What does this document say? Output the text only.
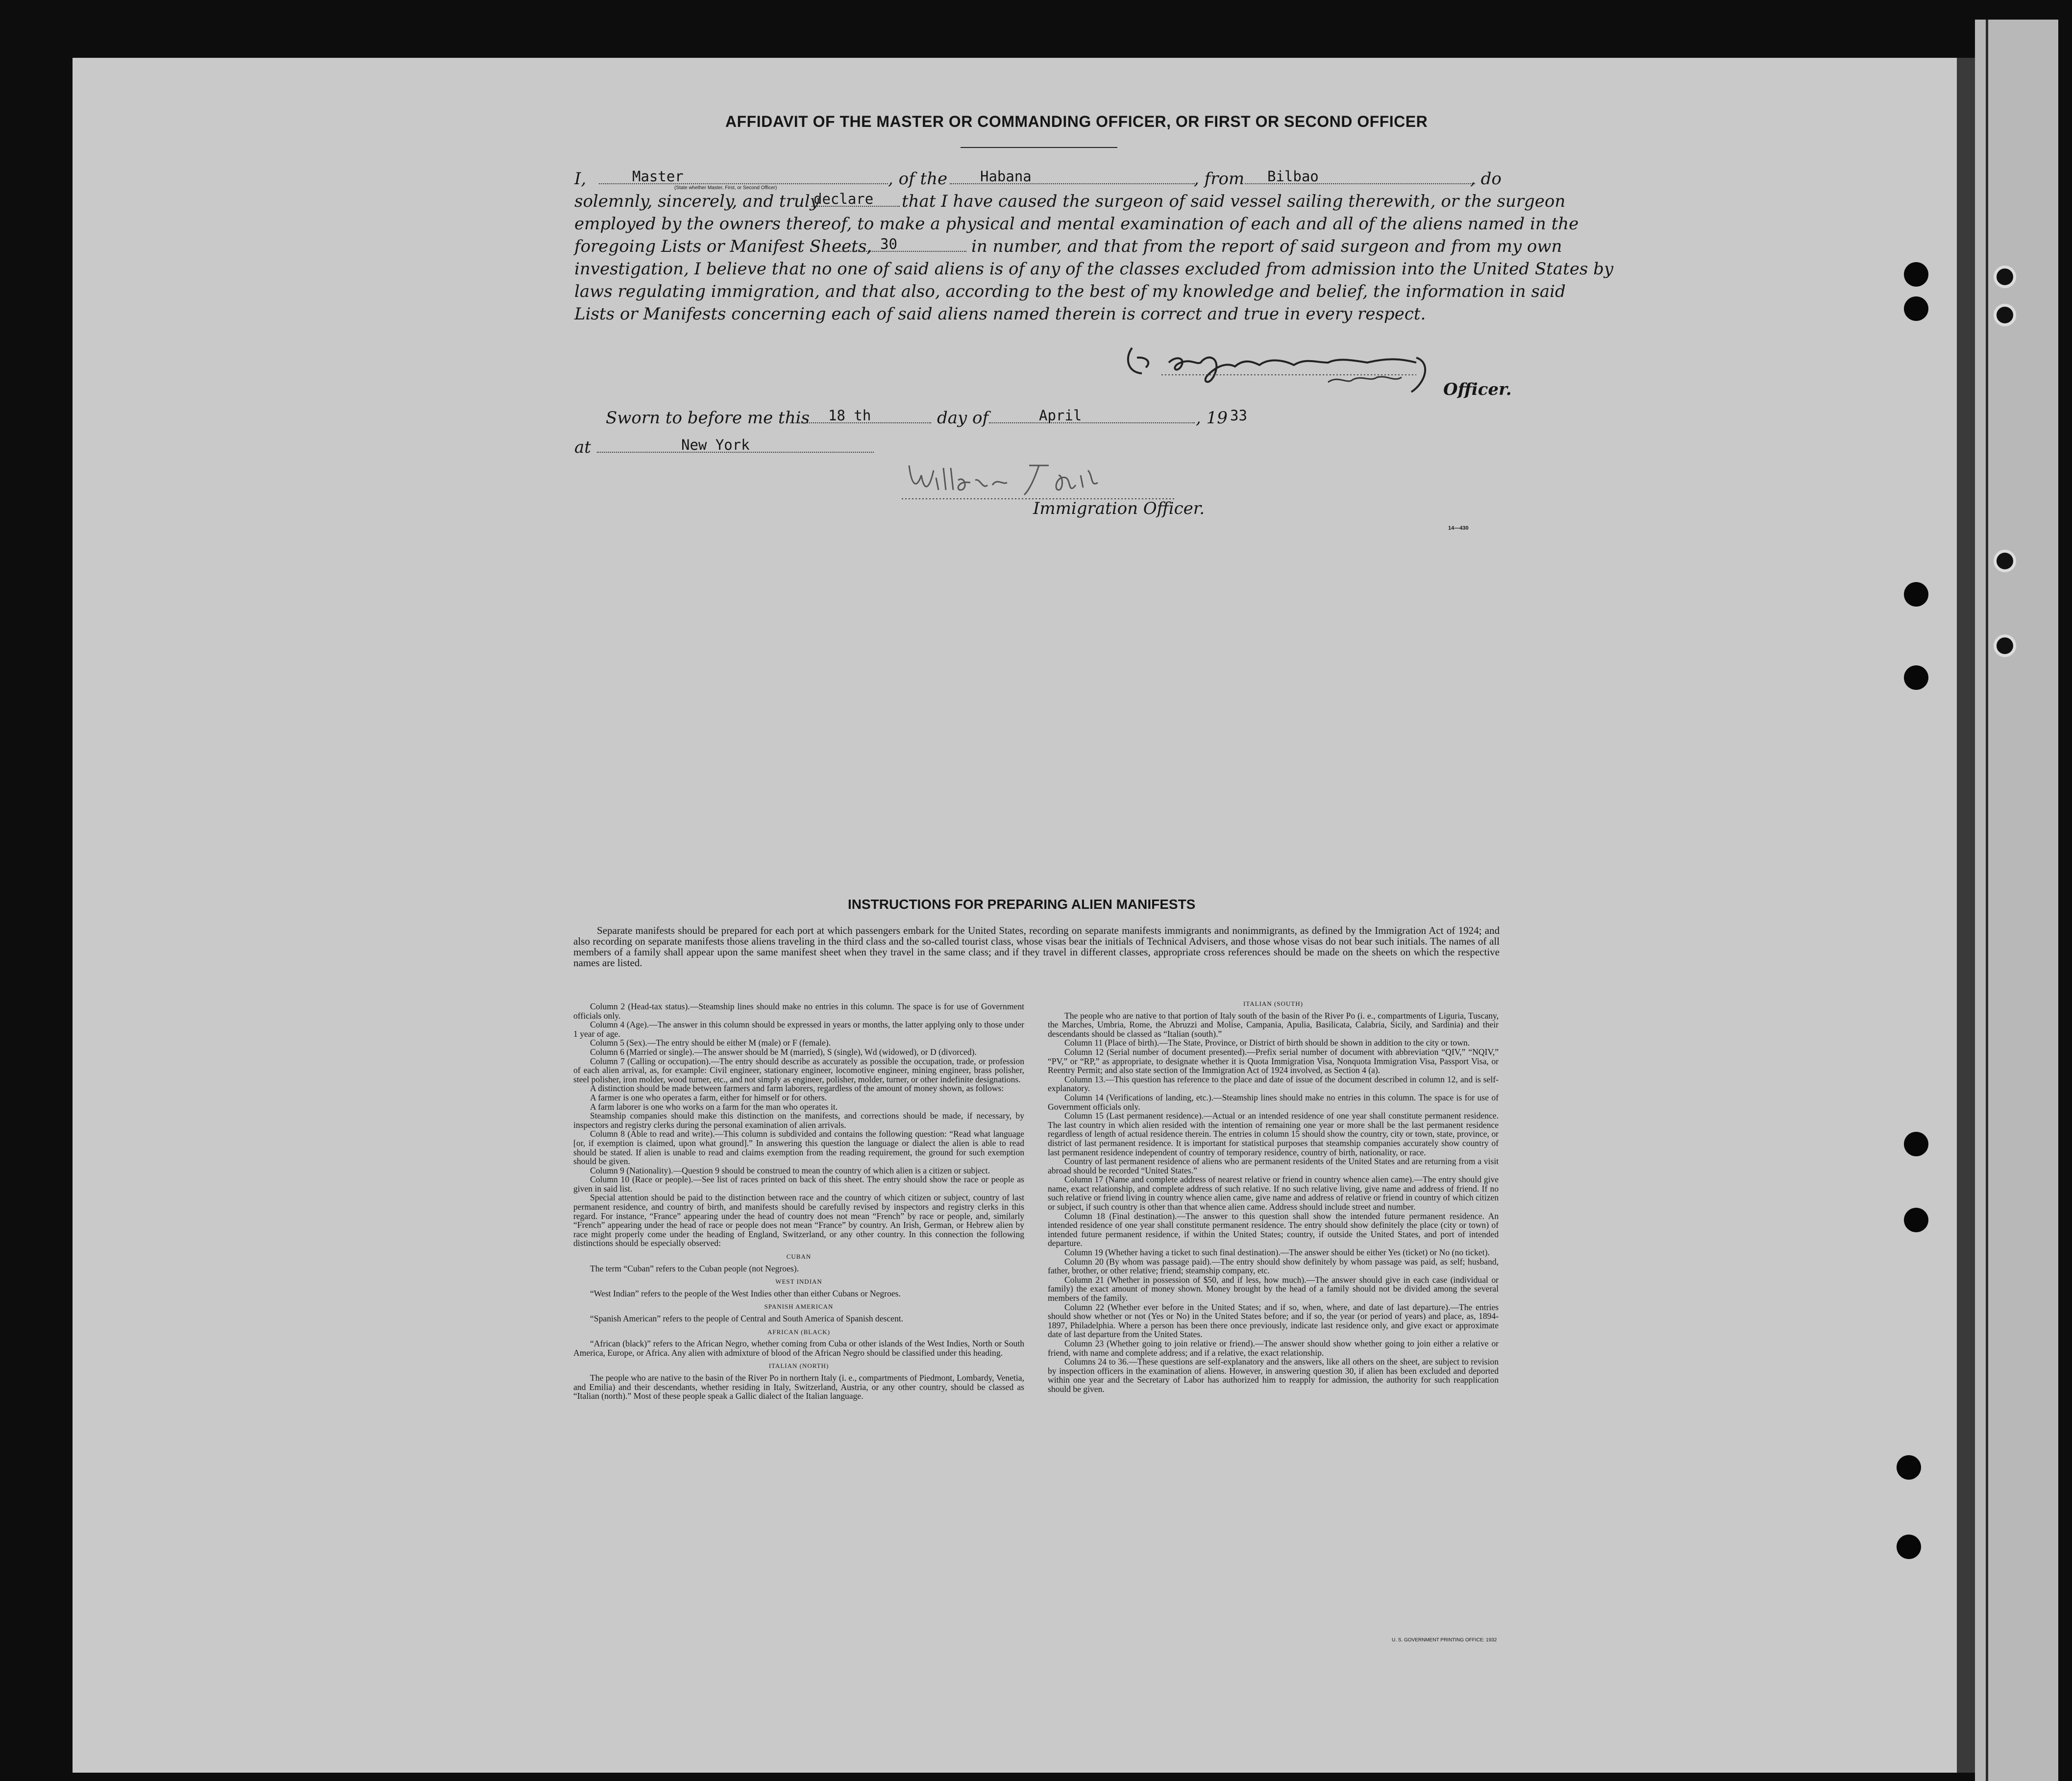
AFFIDAVIT OF THE MASTER OR COMMANDING OFFICER, OR FIRST OR SECOND OFFICER
I,	Master
(State whether Master, First, or Second Officer)	, of the Habana	, from Bilbao	, do
solemnly, sincerely, and truly
declare that I have caused the surgeon of said vessel sailing therewith, or the surgeon
employed by the owners thereof, to make a physical and mental examination of each and all of the aliens named in the
foregoing Lists or Manifest Sheets, 30	in number, and that from the report of said surgeon and from my own
investigation, I believe that no one of said aliens is of any of the classes excluded from admission into the United States by
laws regulating immigration, and that also, according to the best of my knowledge and belief, the information in said
Lists or Manifests concerning each of said aliens named therein is correct and true in every respect.
Officer.
Sworn to before me this 18 th	day of	April	, 19 33
at	New York
Immigration Officer.
14—430
INSTRUCTIONS FOR PREPARING ALIEN MANIFESTS
Separate manifests should be prepared for each port at which passengers embark for the United States, recording on separate manifests immigrants and nonimmigrants, as defined by the Immigration Act of 1924; and also recording on separate manifests those aliens traveling in the third class and the so-called tourist class, whose visas bear the initials of Technical Advisers, and those whose visas do not bear such initials. The names of all members of a family shall appear upon the same manifest sheet when they travel in the same class; and if they travel in different classes, appropriate cross references should be made on the sheets on which the respective names are listed.

Column 2 (Head-tax status).—Steamship lines should make no entries in this column. The space is for use of Government officials only.

Column 4 (Age).—The answer in this column should be expressed in years or months, the latter applying only to those under 1 year of age.

Column 5 (Sex).—The entry should be either M (male) or F (female).

Column 6 (Married or single).—The answer should be M (married), S (single), Wd (widowed), or D (divorced).

Column 7 (Calling or occupation).—The entry should describe as accurately as possible the occupation, trade, or profession of each alien arrival, as, for example: Civil engineer, stationary engineer, locomotive engineer, mining engineer, brass polisher, steel polisher, iron molder, wood turner, etc., and not simply as engineer, polisher, molder, turner, or other indefinite designations.

A distinction should be made between farmers and farm laborers, regardless of the amount of money shown, as follows:

A farmer is one who operates a farm, either for himself or for others.

A farm laborer is one who works on a farm for the man who operates it.

Steamship companies should make this distinction on the manifests, and corrections should be made, if necessary, by inspectors and registry clerks during the personal examination of alien arrivals.

Column 8 (Able to read and write).—This column is subdivided and contains the following question: “Read what language [or, if exemption is claimed, upon what ground].” In answering this question the language or dialect the alien is able to read should be stated. If alien is unable to read and claims exemption from the reading requirement, the ground for such exemption should be given.

Column 9 (Nationality).—Question 9 should be construed to mean the country of which alien is a citizen or subject.

Column 10 (Race or people).—See list of races printed on back of this sheet. The entry should show the race or people as given in said list.

Special attention should be paid to the distinction between race and the country of which citizen or subject, country of last permanent residence, and country of birth, and manifests should be carefully revised by inspectors and registry clerks in this regard. For instance, “France” appearing under the head of country does not mean “French” by race or people, and, similarly “French” appearing under the head of race or people does not mean “France” by country. An Irish, German, or Hebrew alien by race might properly come under the heading of England, Switzerland, or any other country. In this connection the following distinctions should be especially observed:

CUBAN

The term “Cuban” refers to the Cuban people (not Negroes).

WEST INDIAN

“West Indian” refers to the people of the West Indies other than either Cubans or Negroes.

SPANISH AMERICAN

“Spanish American” refers to the people of Central and South America of Spanish descent.

AFRICAN (BLACK)

“African (black)” refers to the African Negro, whether coming from Cuba or other islands of the West Indies, North or South America, Europe, or Africa. Any alien with admixture of blood of the African Negro should be classified under this heading.

ITALIAN (NORTH)

The people who are native to the basin of the River Po in northern Italy (i. e., compartments of Piedmont, Lombardy, Venetia, and Emilia) and their descendants, whether residing in Italy, Switzerland, Austria, or any other country, should be classed as “Italian (north).” Most of these people speak a Gallic dialect of the Italian language.

ITALIAN (SOUTH)

The people who are native to that portion of Italy south of the basin of the River Po (i. e., compartments of Liguria, Tuscany, the Marches, Umbria, Rome, the Abruzzi and Molise, Campania, Apulia, Basilicata, Calabria, Sicily, and Sardinia) and their descendants should be classed as “Italian (south).”

Column 11 (Place of birth).—The State, Province, or District of birth should be shown in addition to the city or town.

Column 12 (Serial number of document presented).—Prefix serial number of document with abbreviation “QIV,” “NQIV,” “PV,” or “RP,” as appropriate, to designate whether it is Quota Immigration Visa, Nonquota Immigration Visa, Passport Visa, or Reentry Permit; and also state section of the Immigration Act of 1924 involved, as Section 4 (a).

Column 13.—This question has reference to the place and date of issue of the document described in column 12, and is self-explanatory.

Column 14 (Verifications of landing, etc.).—Steamship lines should make no entries in this column. The space is for use of Government officials only.

Column 15 (Last permanent residence).—Actual or an intended residence of one year shall constitute permanent residence. The last country in which alien resided with the intention of remaining one year or more shall be the last permanent residence regardless of length of actual residence therein. The entries in column 15 should show the country, city or town, state, province, or district of last permanent residence. It is important for statistical purposes that steamship companies accurately show country of last permanent residence independent of country of temporary residence, country of birth, nationality, or race.

Country of last permanent residence of aliens who are permanent residents of the United States and are returning from a visit abroad should be recorded “United States.”

Column 17 (Name and complete address of nearest relative or friend in country whence alien came).—The entry should give name, exact relationship, and complete address of such relative. If no such relative living, give name and address of friend. If no such relative or friend living in country whence alien came, give name and address of relative or friend in country of which citizen or subject, if such country is other than that whence alien came. Address should include street and number.

Column 18 (Final destination).—The answer to this question shall show the intended future permanent residence. An intended residence of one year shall constitute permanent residence. The entry should show definitely the place (city or town) of intended future permanent residence, if within the United States; country, if outside the United States, and port of intended departure.

Column 19 (Whether having a ticket to such final destination).—The answer should be either Yes (ticket) or No (no ticket).

Column 20 (By whom was passage paid).—The entry should show definitely by whom passage was paid, as self; husband, father, brother, or other relative; friend; steamship company, etc.

Column 21 (Whether in possession of $50, and if less, how much).—The answer should give in each case (individual or family) the exact amount of money shown. Money brought by the head of a family should not be divided among the several members of the family.

Column 22 (Whether ever before in the United States; and if so, when, where, and date of last departure).—The entries should show whether or not (Yes or No) in the United States before; and if so, the year (or period of years) and place, as, 1894-1897, Philadelphia. Where a person has been there once previously, indicate last residence only, and give exact or approximate date of last departure from the United States.

Column 23 (Whether going to join relative or friend).—The answer should show whether going to join either a relative or friend, with name and complete address; and if a relative, the exact relationship.

Columns 24 to 36.—These questions are self-explanatory and the answers, like all others on the sheet, are subject to revision by inspection officers in the examination of aliens. However, in answering question 30, if alien has been excluded and deported within one year and the Secretary of Labor has authorized him to reapply for admission, the authority for such reapplication should be given.

U. S. GOVERNMENT PRINTING OFFICE: 1932
